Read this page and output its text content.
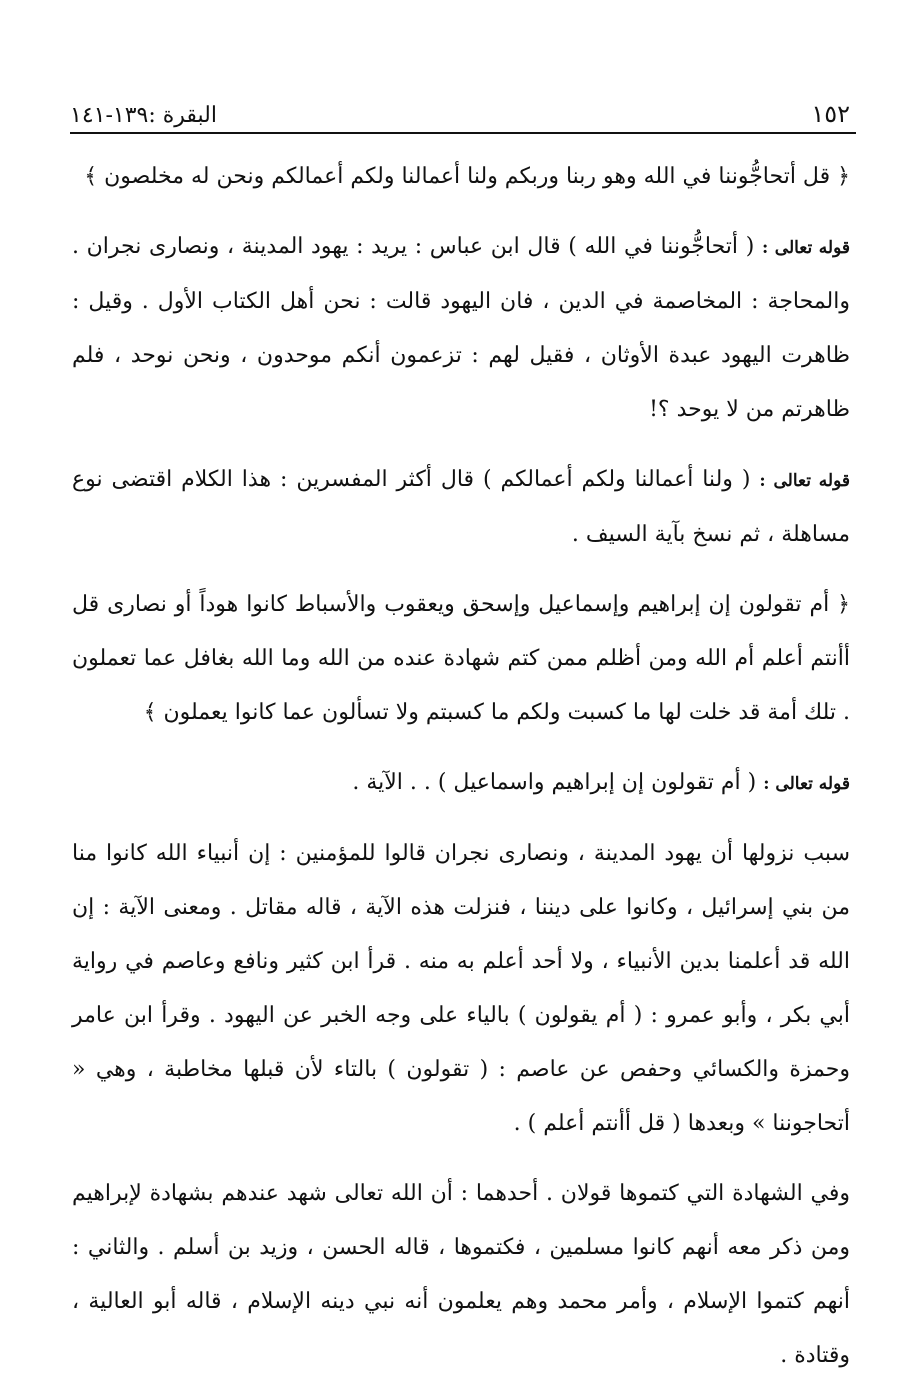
١٥٢
البقرة :١٣٩-١٤١

﴿ قل أتحاجُّوننا في الله وهو ربنا وربكم ولنا أعمالنا ولكم أعمالكم ونحن له مخلصون ﴾

قوله تعالى : ( أتحاجُّوننا في الله ) قال ابن عباس : يريد : يهود المدينة ، ونصارى نجران . والمحاجة : المخاصمة في الدين ، فان اليهود قالت : نحن أهل الكتاب الأول . وقيل : ظاهرت اليهود عبدة الأوثان ، فقيل لهم : تزعمون أنكم موحدون ، ونحن نوحد ، فلم ظاهرتم من لا يوحد ؟!

قوله تعالى : ( ولنا أعمالنا ولكم أعمالكم ) قال أكثر المفسرين : هذا الكلام اقتضى نوع مساهلة ، ثم نسخ بآية السيف .

﴿ أم تقولون إن إبراهيم وإسماعيل وإسحق ويعقوب والأسباط كانوا هوداً أو نصارى قل أأنتم أعلم أم الله ومن أظلم ممن كتم شهادة عنده من الله وما الله بغافل عما تعملون . تلك أمة قد خلت لها ما كسبت ولكم ما كسبتم ولا تسألون عما كانوا يعملون ﴾

قوله تعالى : ( أم تقولون إن إبراهيم واسماعيل ) . . الآية .

سبب نزولها أن يهود المدينة ، ونصارى نجران قالوا للمؤمنين : إن أنبياء الله كانوا منا من بني إسرائيل ، وكانوا على ديننا ، فنزلت هذه الآية ، قاله مقاتل . ومعنى الآية : إن الله قد أعلمنا بدين الأنبياء ، ولا أحد أعلم به منه . قرأ ابن كثير ونافع وعاصم في رواية أبي بكر ، وأبو عمرو : ( أم يقولون ) بالياء على وجه الخبر عن اليهود . وقرأ ابن عامر وحمزة والكسائي وحفص عن عاصم : ( تقولون ) بالتاء لأن قبلها مخاطبة ، وهي « أتحاجوننا » وبعدها ( قل أأنتم أعلم ) .

وفي الشهادة التي كتموها قولان . أحدهما : أن الله تعالى شهد عندهم بشهادة لإبراهيم ومن ذكر معه أنهم كانوا مسلمين ، فكتموها ، قاله الحسن ، وزيد بن أسلم . والثاني : أنهم كتموا الإسلام ، وأمر محمد وهم يعلمون أنه نبي دينه الإسلام ، قاله أبو العالية ، وقتادة .
